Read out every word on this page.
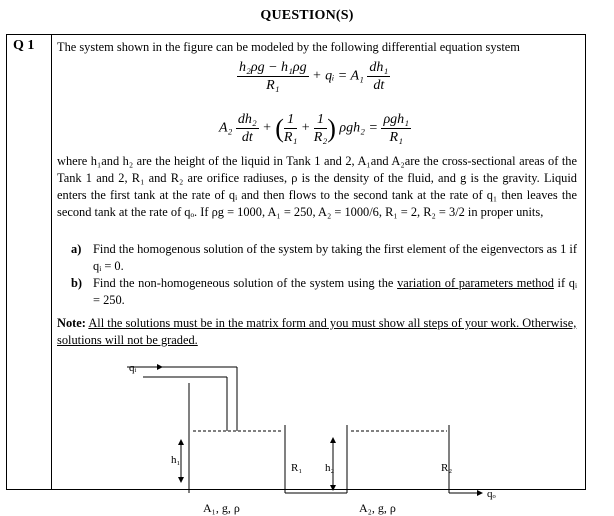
QUESTION(S)
Q 1 The system shown in the figure can be modeled by the following differential equation system
$\frac{\text{h₂ρg − h₁ρg}}{\text{R₁}}$ + qᵢ = $A_1 \frac{\text{dh₁}}{dt}$
$A_2 \frac{\text{dh₂}}{dt}$ + ( $\frac{1}{\text{R₁}} + \frac{1}{\text{R₂}}$ ) $\rho gh_2 = \frac{\text{ρgh₁}}{\text{R₁}}$
where h₁and h₂ are the height of the liquid in Tank 1 and 2, A₁and A₂are the cross-sectional areas of the Tank 1 and 2, R₁ and R₂ are orifice radiuses, ρ is the density of the fluid, and g is the gravity. Liquid enters the first tank at the rate of qᵢ and then flows to the second tank at the rate of q₁ then leaves the second tank at the rate of qₒ. If ρg = 1000, A₁ = 250, A₂ = 1000/6, R₁ = 2, R₂ = 3/2 in proper units,
a) Find the homogenous solution of the system by taking the first element of the eigenvectors as 1 if qᵢ = 0.
b) Find the non-homogeneous solution of the system using the variation of parameters method if qᵢ = 250.
Note: All the solutions must be in the matrix form and you must show all steps of your work. Otherwise, solutions will not be graded.
qᵢ
h₁
R₁ h₂	R₂
qₒ
A₁, g, ρ	A₂, g, ρ
